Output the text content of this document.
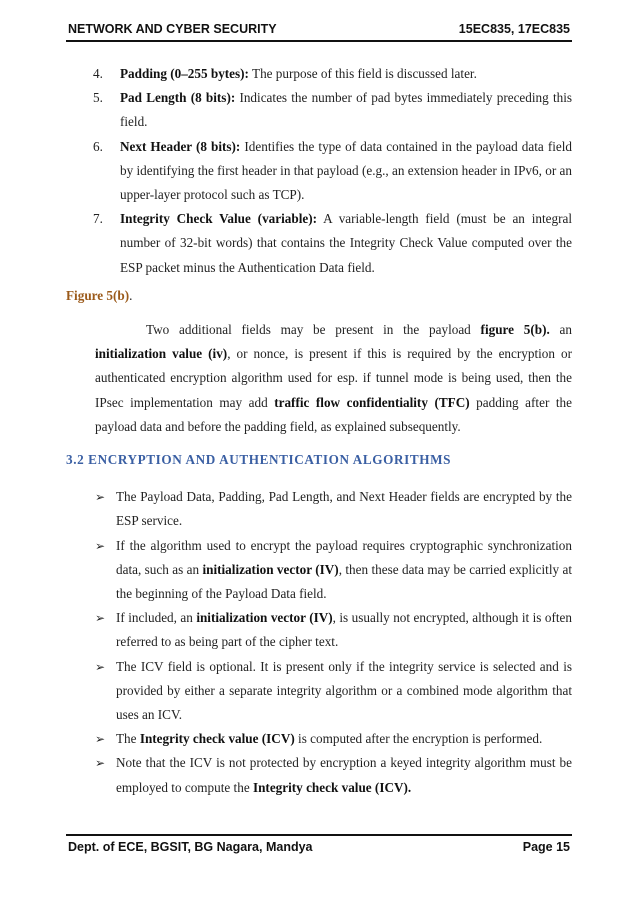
NETWORK AND CYBER SECURITY	15EC835, 17EC835
4. Padding (0–255 bytes): The purpose of this field is discussed later.
5. Pad Length (8 bits): Indicates the number of pad bytes immediately preceding this field.
6. Next Header (8 bits): Identifies the type of data contained in the payload data field by identifying the first header in that payload (e.g., an extension header in IPv6, or an upper-layer protocol such as TCP).
7. Integrity Check Value (variable): A variable-length field (must be an integral number of 32-bit words) that contains the Integrity Check Value computed over the ESP packet minus the Authentication Data field.
Figure 5(b).
Two additional fields may be present in the payload figure 5(b). an initialization value (iv), or nonce, is present if this is required by the encryption or authenticated encryption algorithm used for esp. if tunnel mode is being used, then the IPsec implementation may add traffic flow confidentiality (TFC) padding after the payload data and before the padding field, as explained subsequently.
3.2 ENCRYPTION AND AUTHENTICATION ALGORITHMS
➢ The Payload Data, Padding, Pad Length, and Next Header fields are encrypted by the ESP service.
➢ If the algorithm used to encrypt the payload requires cryptographic synchronization data, such as an initialization vector (IV), then these data may be carried explicitly at the beginning of the Payload Data field.
➢ If included, an initialization vector (IV), is usually not encrypted, although it is often referred to as being part of the cipher text.
➢ The ICV field is optional. It is present only if the integrity service is selected and is provided by either a separate integrity algorithm or a combined mode algorithm that uses an ICV.
➢ The Integrity check value (ICV) is computed after the encryption is performed.
➢ Note that the ICV is not protected by encryption a keyed integrity algorithm must be employed to compute the Integrity check value (ICV).
Dept. of ECE, BGSIT, BG Nagara, Mandya	Page 15
